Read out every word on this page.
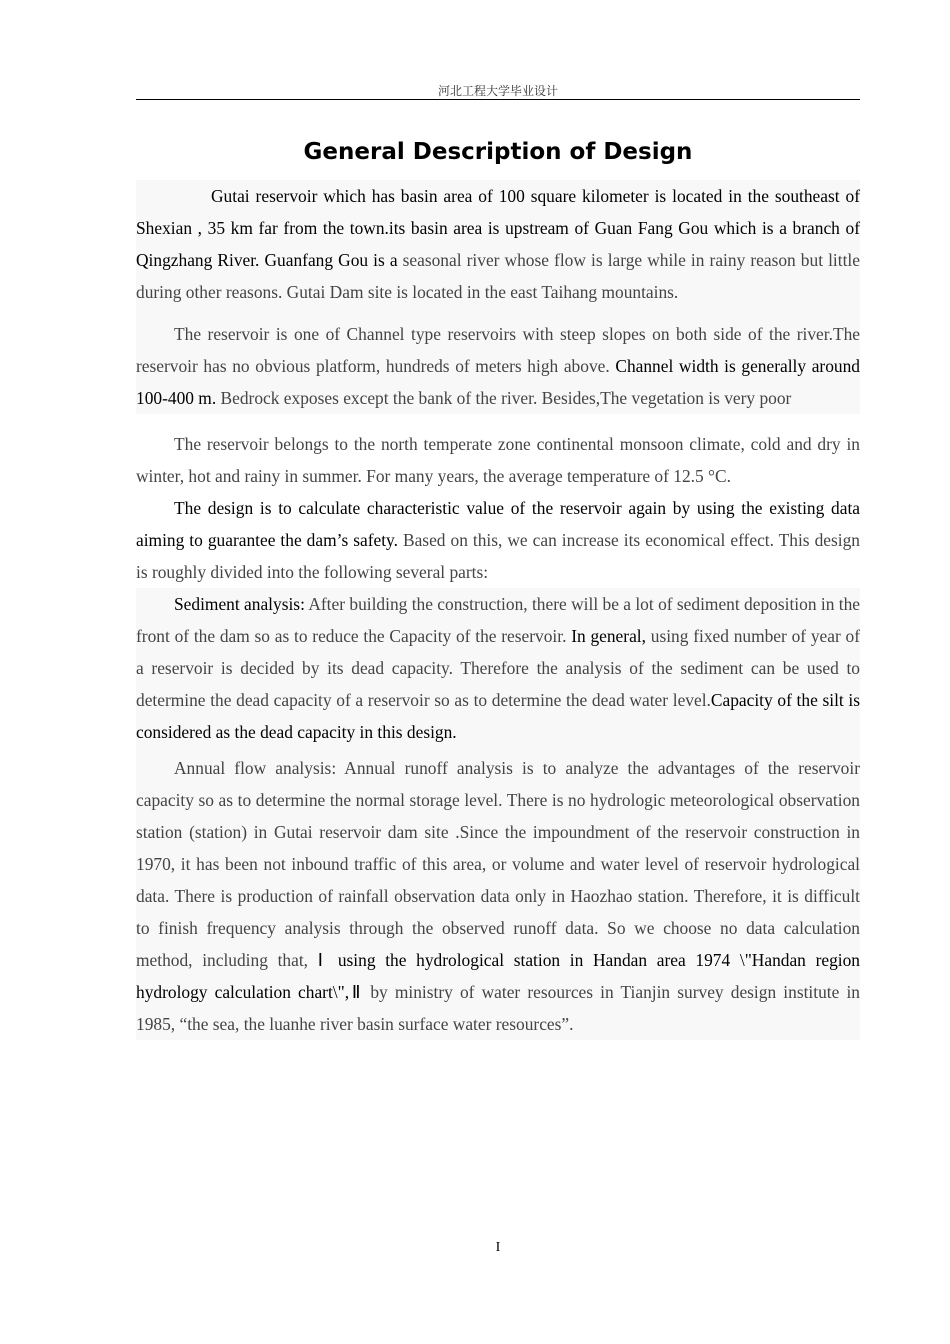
河北工程大学毕业设计
General Description of Design

Gutai reservoir which has basin area of 100 square kilometer is located in the southeast of Shexian , 35 km far from the town.its basin area is upstream of Guan Fang Gou which is a branch of Qingzhang River. Guanfang Gou is a seasonal river whose flow is large while in rainy reason but little during other reasons. Gutai Dam site is located in the east Taihang mountains.

The reservoir is one of Channel type reservoirs with steep slopes on both side of the river.The reservoir has no obvious platform, hundreds of meters high above. Channel width is generally around 100-400 m. Bedrock exposes except the bank of the river. Besides,The vegetation is very poor

The reservoir belongs to the north temperate zone continental monsoon climate, cold and dry in winter, hot and rainy in summer. For many years, the average temperature of 12.5 °C.

The design is to calculate characteristic value of the reservoir again by using the existing data aiming to guarantee the dam’s safety. Based on this, we can increase its economical effect. This design is roughly divided into the following several parts:

Sediment analysis: After building the construction, there will be a lot of sediment deposition in the front of the dam so as to reduce the Capacity of the reservoir. In general, using fixed number of year of a reservoir is decided by its dead capacity. Therefore the analysis of the sediment can be used to determine the dead capacity of a reservoir so as to determine the dead water level.Capacity of the silt is considered as the dead capacity in this design.

Annual flow analysis: Annual runoff analysis is to analyze the advantages of the reservoir capacity so as to determine the normal storage level. There is no hydrologic meteorological observation station (station) in Gutai reservoir dam site .Since the impoundment of the reservoir construction in 1970, it has been not inbound traffic of this area, or volume and water level of reservoir hydrological data. There is production of rainfall observation data only in Haozhao station. Therefore, it is difficult to finish frequency analysis through the observed runoff data. So we choose no data calculation method, including that, Ⅰ using the hydrological station in Handan area 1974 \"Handan region hydrology calculation chart\",Ⅱ by ministry of water resources in Tianjin survey design institute in 1985, “the sea, the luanhe river basin surface water resources”.

I
